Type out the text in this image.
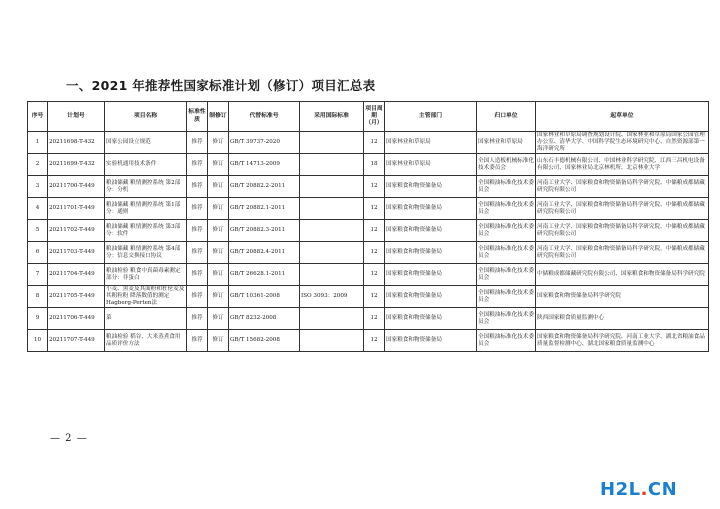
一、2021 年推荐性国家标准计划（修订）项目汇总表
序号	计划号	项目名称	标准性质	制修订	代替标准号	采用国际标准	项目周期（月）	主管部门	归口单位	起草单位
1	20211698-T-432	国家公园设立规范	推荐	修订	GB/T 39737-2020		12	国家林业和草原局	国家林业和草原局	国家林业和草原局调查规划设计院、国家林业和草原局国家公园管理办公室、清华大学、中国科学院生态环境研究中心、自然资源部第一海洋研究所
2	20211699-T-432	实验机通用技术条件	推荐	修订	GB/T 14713-2009		18	国家林业和草原局	全国人造板机械标准化技术委员会	山东石丰德机械有限公司、中国林业科学研究院、江西三昌机电设备有限公司、国家林业局北京林机所、北京林业大学
3	20211700-T-449	粮油储藏 粮情测控系统 第2部分：分机	推荐	修订	GB/T 20882.2-2011		12	国家粮食和物资储备局	全国粮油标准化技术委员会	河南工业大学、国家粮食和物资储备局科学研究院、中储粮成都储藏研究院有限公司
4	20211701-T-449	粮油储藏 粮情测控系统 第1部分：通则	推荐	修订	GB/T 20882.1-2011		12	国家粮食和物资储备局	全国粮油标准化技术委员会	河南工业大学、国家粮食和物资储备局科学研究院、中储粮成都储藏研究院有限公司
5	20211702-T-449	粮油储藏 粮情测控系统 第3部分：软件	推荐	修订	GB/T 20882.3-2011		12	国家粮食和物资储备局	全国粮油标准化技术委员会	河南工业大学、国家粮食和物资储备局科学研究院、中储粮成都储藏研究院有限公司
6	20211703-T-449	粮油储藏 粮情测控系统 第4部分：信息交换接口协议	推荐	修订	GB/T 20882.4-2011		12	国家粮食和物资储备局	全国粮油标准化技术委员会	河南工业大学、国家粮食和物资储备局科学研究院、中储粮成都储藏研究院有限公司
7	20211704-T-449	粮油检验 粮食中真菌毒素测定 部分：非蛋白	推荐	修订	GB/T 26628.1-2011		12	国家粮食和物资储备局	全国粮油标准化技术委员会	中储粮成都储藏研究院有限公司、国家粮食和物资储备局科学研究院
8	20211705-T-449	小麦、黑麦及其面粉和杜伦麦及其粗粒粉 降落数值的测定 Hagberg-Perten法	推荐	修订	GB/T 10361-2008	ISO 3093：2009	12	国家粮食和物资储备局	全国粮油标准化技术委员会	国家粮食和物资储备局科学研究院
9	20211706-T-449	菜	推荐	修订	GB/T 8232-2008		12	国家粮食和物资储备局	全国粮油标准化技术委员会	陕西国家粮食质量监测中心
10	20211707-T-449	粮油检验 稻谷、大米蒸煮食用品质评价方法	推荐	修订	GB/T 15682-2008		12	国家粮食和物资储备局	全国粮油标准化技术委员会	国家粮食和物资储备局科学研究院、河南工业大学、湖北省粮油食品质量监督检测中心、湖北国家粮食质量监测中心
— 2 —
H2L.CN
